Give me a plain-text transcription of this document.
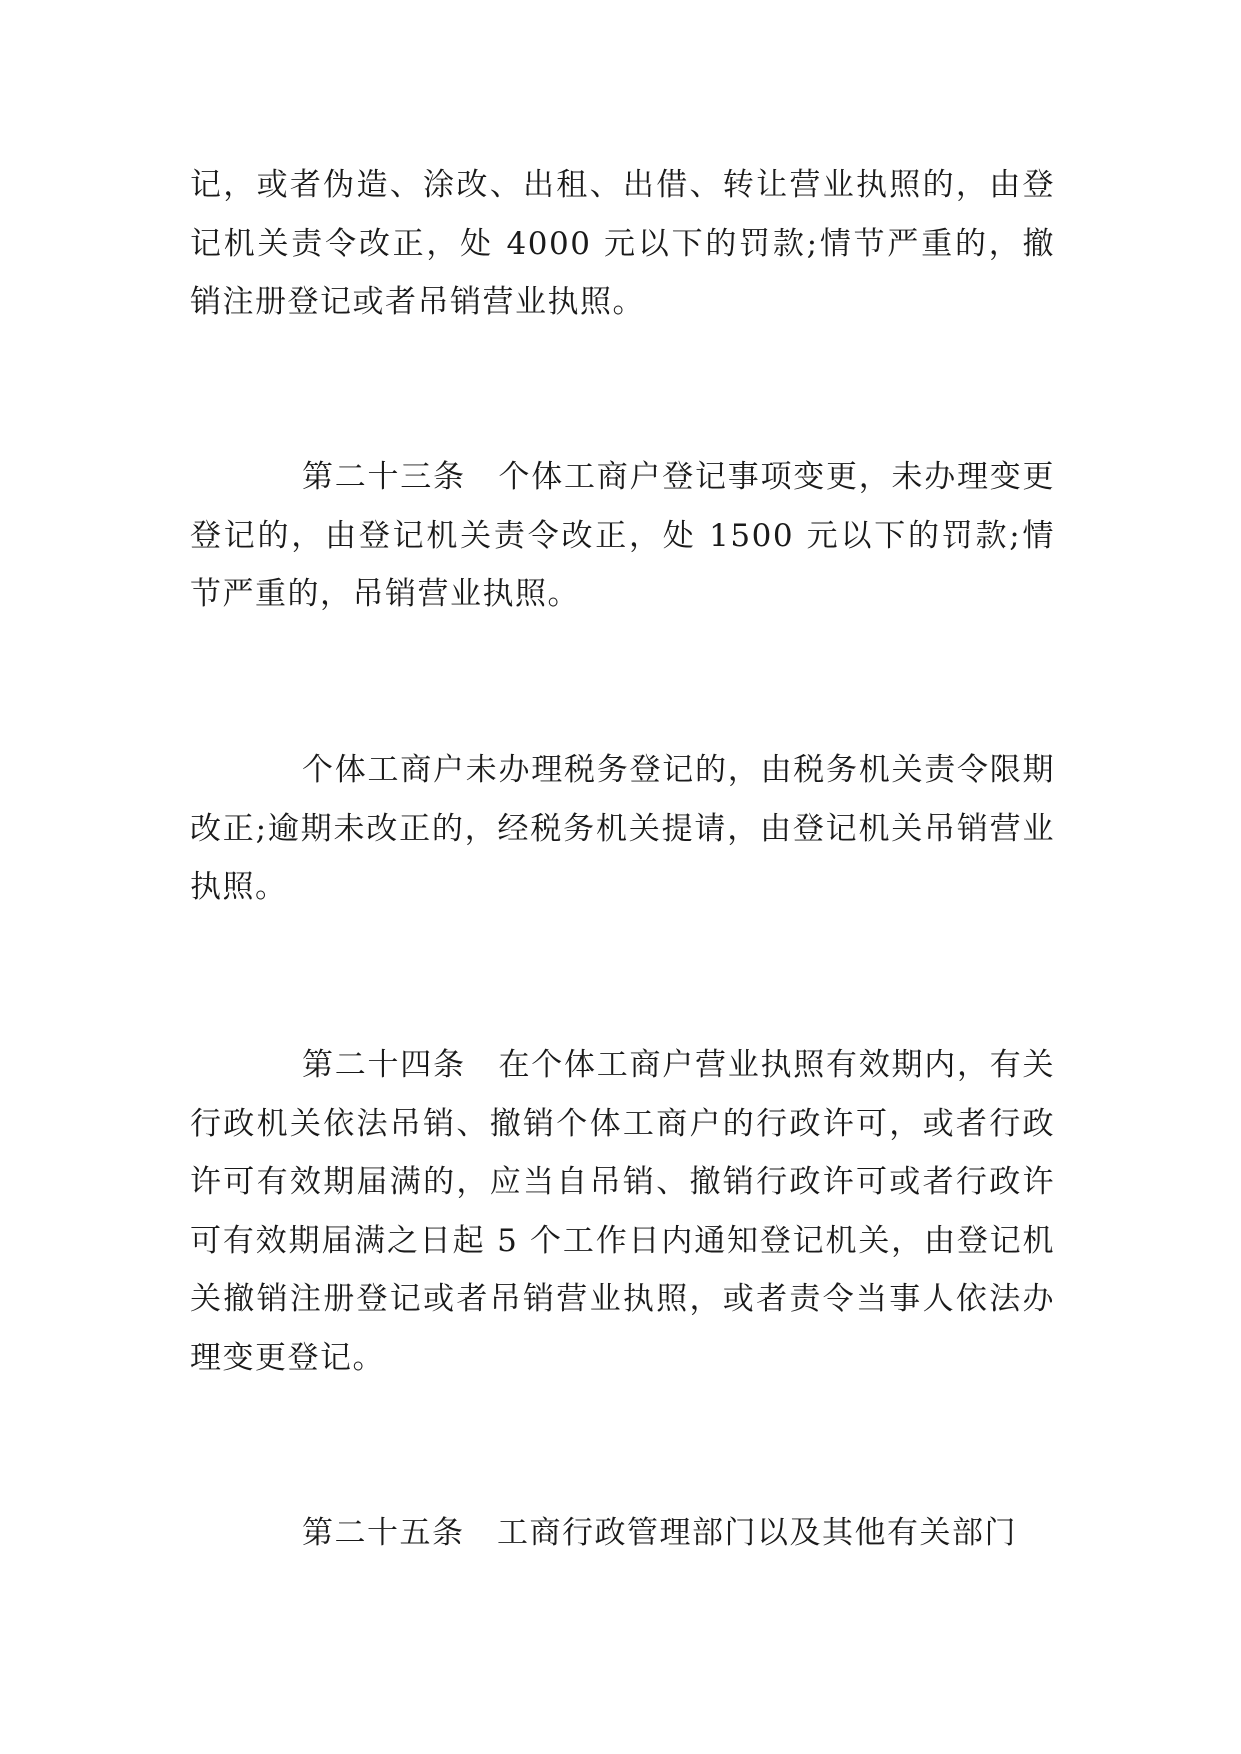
记，或者伪造、涂改、出租、出借、转让营业执照的，由登记机关责令改正，处 4000 元以下的罚款;情节严重的，撤销注册登记或者吊销营业执照。

第二十三条　个体工商户登记事项变更，未办理变更登记的，由登记机关责令改正，处 1500 元以下的罚款;情节严重的，吊销营业执照。

个体工商户未办理税务登记的，由税务机关责令限期改正;逾期未改正的，经税务机关提请，由登记机关吊销营业执照。

第二十四条　在个体工商户营业执照有效期内，有关行政机关依法吊销、撤销个体工商户的行政许可，或者行政许可有效期届满的，应当自吊销、撤销行政许可或者行政许可有效期届满之日起 5 个工作日内通知登记机关，由登记机关撤销注册登记或者吊销营业执照，或者责令当事人依法办理变更登记。

第二十五条　工商行政管理部门以及其他有关部门
